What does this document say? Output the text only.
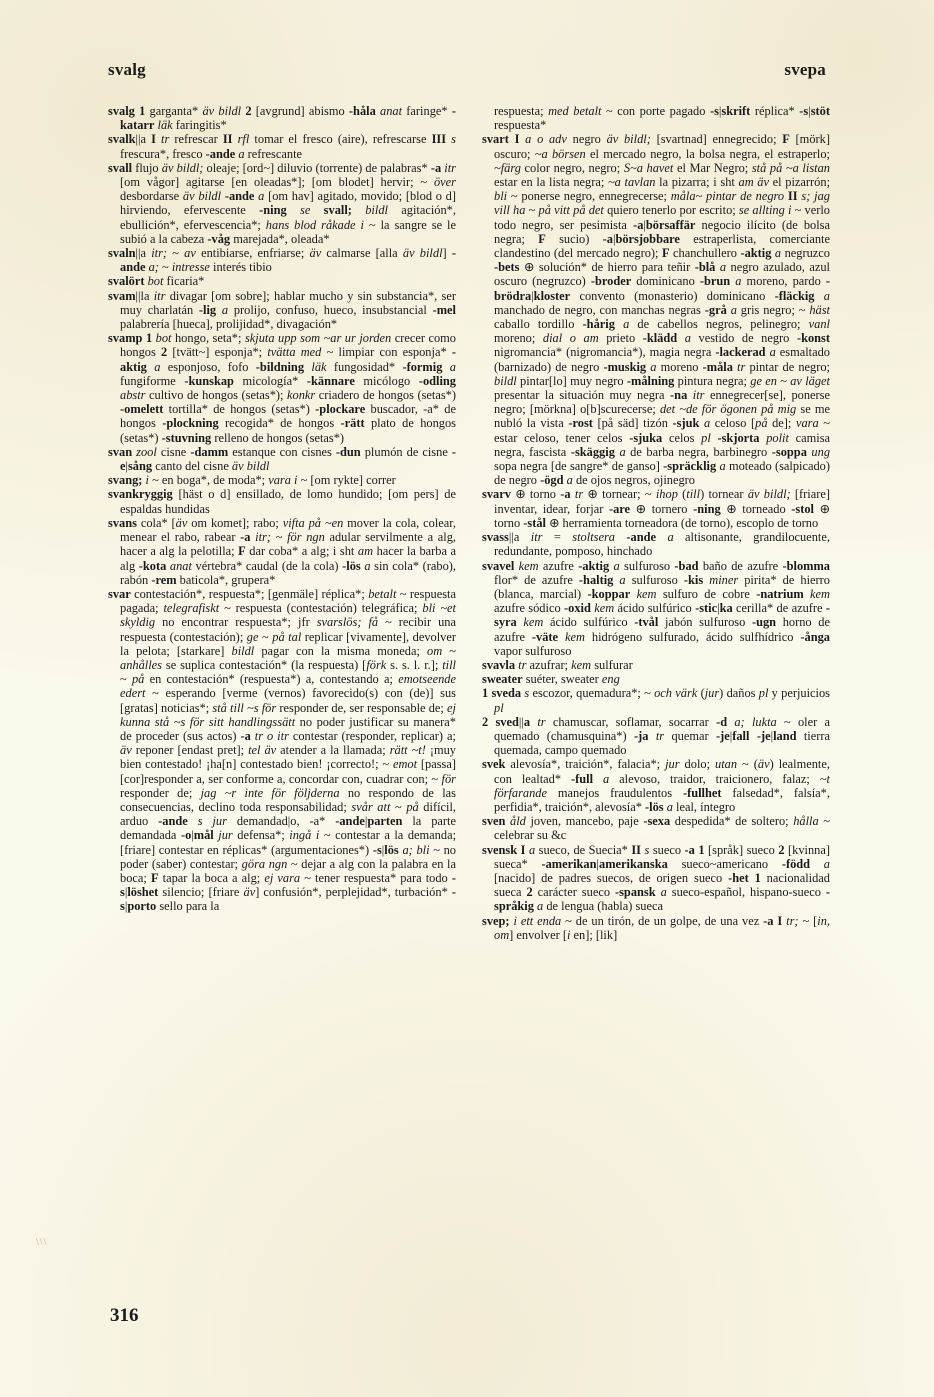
svalg	svepa

svalg 1 garganta* äv bildl 2 [avgrund] abismo -håla anat faringe* -katarr läk faringitis*

svalk||a I tr refrescar II rfl tomar el fresco (aire), refrescarse III s frescura*, fresco -ande a refrescante

svall flujo äv bildl; oleaje; [ord~] diluvio (torrente) de palabras* -a itr [om vågor] agitarse [en oleadas*]; [om blodet] hervir; ~ över desbordarse äv bildl -ande a [om hav] agitado, movido; [blod o d] hirviendo, efervescente -ning se svall; bildl agitación*, ebullición*, efervescencia*; hans blod råkade i ~ la sangre se le subió a la cabeza -våg marejada*, oleada*

svaln||a itr; ~ av entibiarse, enfriarse; äv calmarse [alla äv bildl] -ande a; ~ intresse interés tibio

svalört bot ficaria*

svam||la itr divagar [om sobre]; hablar mucho y sin substancia*, ser muy charlatán -lig a prolijo, confuso, hueco, insubstancial -mel palabrería [hueca], prolijidad*, divagación*

svamp 1 bot hongo, seta*; skjuta upp som ~ar ur jorden crecer como hongos 2 [tvätt~] esponja*; tvätta med ~ limpiar con esponja* -aktig a esponjoso, fofo -bildning läk fungosidad* -formig a fungiforme -kunskap micología* -kännare micólogo -odling abstr cultivo de hongos (setas*); konkr criadero de hongos (setas*) -omelett tortilla* de hongos (setas*) -plockare buscador, -a* de hongos -plockning recogida* de hongos -rätt plato de hongos (setas*) -stuvning relleno de hongos (setas*)

svan zool cisne -damm estanque con cisnes -dun plumón de cisne -e|sång canto del cisne äv bildl

svang; i ~ en boga*, de moda*; vara i ~ [om rykte] correr

svankryggig [häst o d] ensillado, de lomo hundido; [om pers] de espaldas hundidas

svans cola* [äv om komet]; rabo; vifta på ~en mover la cola, colear, menear el rabo, rabear -a itr; ~ för ngn adular servilmente a alg, hacer a alg la pelotilla; F dar coba* a alg; i sht am hacer la barba a alg -kota anat vértebra* caudal (de la cola) -lös a sin cola* (rabo), rabón -rem baticola*, grupera*

svar contestación*, respuesta*; [genmäle] réplica*; betalt ~ respuesta pagada; telegrafiskt ~ respuesta (contestación) telegráfica; bli ~et skyldig no encontrar respuesta*; jfr svarslös; få ~ recibir una respuesta (contestación); ge ~ på tal replicar [vivamente], devolver la pelota; [starkare] bildl pagar con la misma moneda; om ~ anhålles se suplica contestación* (la respuesta) [förk s. s. l. r.]; till ~ på en contestación* (respuesta*) a, contestando a; emotseende edert ~ esperando [verme (vernos) favorecido(s) con (de)] sus [gratas] noticias*; stå till ~s för responder de, ser responsable de; ej kunna stå ~s för sitt handlingssätt no poder justificar su manera* de proceder (sus actos) -a tr o itr contestar (responder, replicar) a; äv reponer [endast pret]; tel äv atender a la llamada; rätt ~t! ¡muy bien contestado! ¡ha[n] contestado bien! ¡correcto!; ~ emot [passa] [cor]responder a, ser conforme a, concordar con, cuadrar con; ~ för responder de; jag ~r inte för följderna no respondo de las consecuencias, declino toda responsabilidad; svår att ~ på difícil, arduo -ande s jur demandad|o, -a* -ande|parten la parte demandada -o|mål jur defensa*; ingå i ~ contestar a la demanda; [friare] contestar en réplicas* (argumentaciones*) -s|lös a; bli ~ no poder (saber) contestar; göra ngn ~ dejar a alg con la palabra en la boca; F tapar la boca a alg; ej vara ~ tener respuesta* para todo -s|löshet silencio; [friare äv] confusión*, perplejidad*, turbación* -s|porto sello para la

respuesta; med betalt ~ con porte pagado -s|skrift réplica* -s|stöt respuesta*

svart I a o adv negro äv bildl; [svartnad] ennegrecido; F [mörk] oscuro; ~a börsen el mercado negro, la bolsa negra, el estraperlo; ~färg color negro, negro; S~a havet el Mar Negro; stå på ~a listan estar en la lista negra; ~a tavlan la pizarra; i sht am äv el pizarrón; bli ~ ponerse negro, ennegrecerse; måla~ pintar de negro II s; jag vill ha ~ på vitt på det quiero tenerlo por escrito; se allting i ~ verlo todo negro, ser pesimista -a|börsaffär negocio ilícito (de bolsa negra; F sucio) -a|börsjobbare estraperlista, comerciante clandestino (del mercado negro); F chanchullero -aktig a negruzco -bets ⊕ solución* de hierro para teñir -blå a negro azulado, azul oscuro (negruzco) -broder dominicano -brun a moreno, pardo -brödra|kloster convento (monasterio) dominicano -fläckig a manchado de negro, con manchas negras -grå a gris negro; ~ häst caballo tordillo -hårig a de cabellos negros, pelinegro; vanl moreno; dial o am prieto -klädd a vestido de negro -konst nigromancia* (nigromancia*), magia negra -lackerad a esmaltado (barnizado) de negro -muskig a moreno -måla tr pintar de negro; bildl pintar[lo] muy negro -målning pintura negra; ge en ~ av läget presentar la situación muy negra -na itr ennegrecer[se], ponerse negro; [mörkna] o[b]scurecerse; det ~de för ögonen på mig se me nubló la vista -rost [på säd] tizón -sjuk a celoso [på de]; vara ~ estar celoso, tener celos -sjuka celos pl -skjorta polit camisa negra, fascista -skäggig a de barba negra, barbinegro -soppa ung sopa negra [de sangre* de ganso] -spräcklig a moteado (salpicado) de negro -ögd a de ojos negros, ojinegro

svarv ⊕ torno -a tr ⊕ tornear; ~ ihop (till) tornear äv bildl; [friare] inventar, idear, forjar -are ⊕ tornero -ning ⊕ torneado -stol ⊕ torno -stål ⊕ herramienta torneadora (de torno), escoplo de torno

svass||a itr = stoltsera -ande a altisonante, grandilocuente, redundante, pomposo, hinchado

svavel kem azufre -aktig a sulfuroso -bad baño de azufre -blomma flor* de azufre -haltig a sulfuroso -kis miner pirita* de hierro (blanca, marcial) -koppar kem sulfuro de cobre -natrium kem azufre sódico -oxid kem ácido sulfúrico -stic|ka cerilla* de azufre -syra kem ácido sulfúrico -tvål jabón sulfuroso -ugn horno de azufre -väte kem hidrógeno sulfurado, ácido sulfhídrico -ånga vapor sulfuroso

svavla tr azufrar; kem sulfurar

sweater suéter, sweater eng

1 sveda s escozor, quemadura*; ~ och värk (jur) daños pl y perjuicios pl

2 sved||a tr chamuscar, soflamar, socarrar -d a; lukta ~ oler a quemado (chamusquina*) -ja tr quemar -je|fall -je|land tierra quemada, campo quemado

svek alevosía*, traición*, falacia*; jur dolo; utan ~ (äv) lealmente, con lealtad* -full a alevoso, traidor, traicionero, falaz; ~t förfarande manejos fraudulentos -fullhet falsedad*, falsía*, perfidia*, traición*, alevosía* -lös a leal, íntegro

sven åld joven, mancebo, paje -sexa despedida* de soltero; hålla ~ celebrar su &c

svensk I a sueco, de Suecia* II s sueco -a 1 [språk] sueco 2 [kvinna] sueca* -amerikan|amerikanska sueco~americano -född a [nacido] de padres suecos, de origen sueco -het 1 nacionalidad sueca 2 carácter sueco -spansk a sueco-español, hispano-sueco -språkig a de lengua (habla) sueca

svep; i ett enda ~ de un tirón, de un golpe, de una vez -a I tr; ~ [in, om] envolver [i en]; [lik]

316
\\\
